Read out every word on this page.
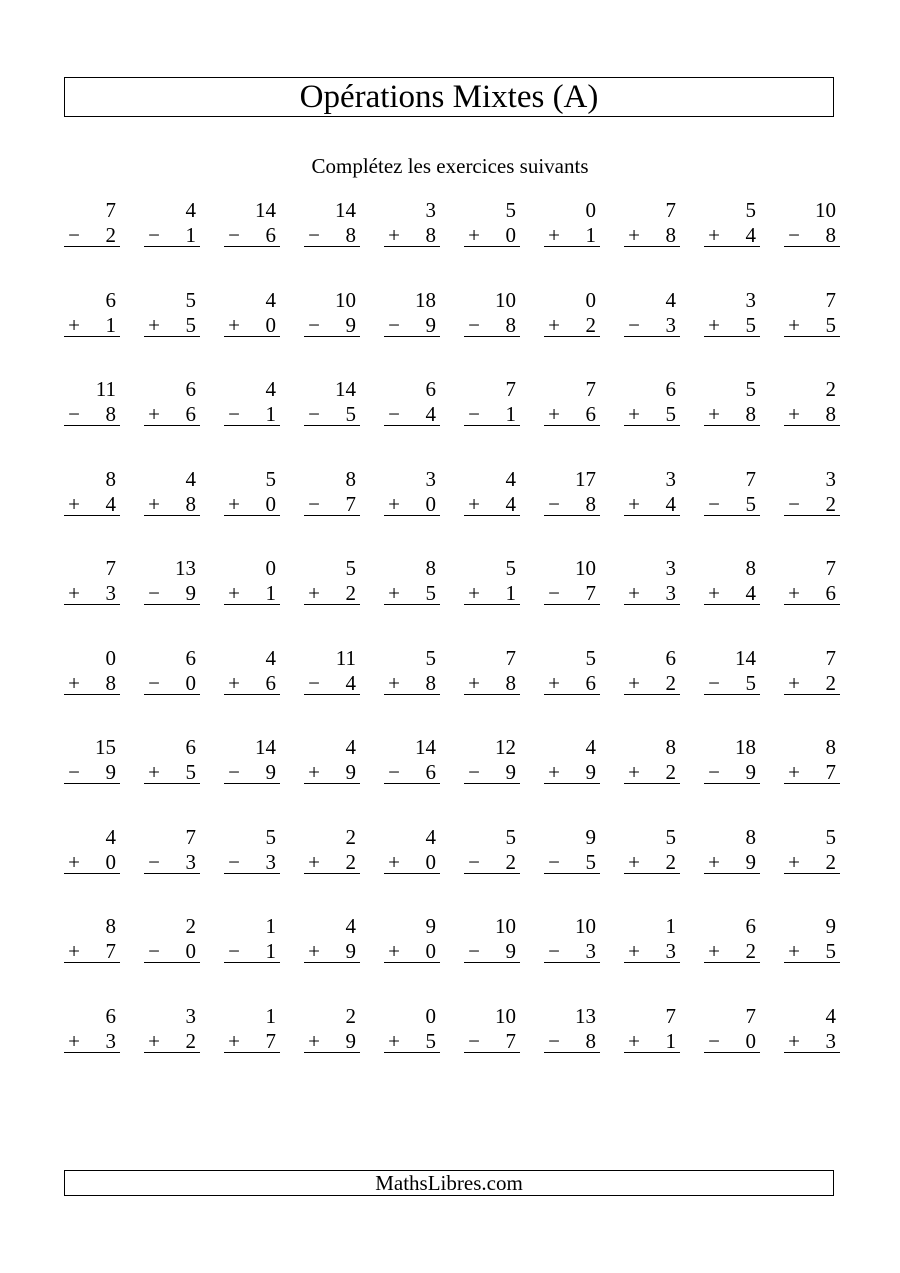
Opérations Mixtes (A)
Complétez les exercices suivants
7
− 2
4
− 1
14
− 6
14
− 8
3
+ 8
5
+ 0
0
+ 1
7
+ 8
5
+ 4
10
− 8
6
+ 1
5
+ 5
4
+ 0
10
− 9
18
− 9
10
− 8
0
+ 2
4
− 3
3
+ 5
7
+ 5
11
− 8
6
+ 6
4
− 1
14
− 5
6
− 4
7
− 1
7
+ 6
6
+ 5
5
+ 8
2
+ 8
8
+ 4
4
+ 8
5
+ 0
8
− 7
3
+ 0
4
+ 4
17
− 8
3
+ 4
7
− 5
3
− 2
7
+ 3
13
− 9
0
+ 1
5
+ 2
8
+ 5
5
+ 1
10
− 7
3
+ 3
8
+ 4
7
+ 6
0
+ 8
6
− 0
4
+ 6
11
− 4
5
+ 8
7
+ 8
5
+ 6
6
+ 2
14
− 5
7
+ 2
15
− 9
6
+ 5
14
− 9
4
+ 9
14
− 6
12
− 9
4
+ 9
8
+ 2
18
− 9
8
+ 7
4
+ 0
7
− 3
5
− 3
2
+ 2
4
+ 0
5
− 2
9
− 5
5
+ 2
8
+ 9
5
+ 2
8
+ 7
2
− 0
1
− 1
4
+ 9
9
+ 0
10
− 9
10
− 3
1
+ 3
6
+ 2
9
+ 5
6
+ 3
3
+ 2
1
+ 7
2
+ 9
0
+ 5
10
− 7
13
− 8
7
+ 1
7
− 0
4
+ 3
MathsLibres.com
